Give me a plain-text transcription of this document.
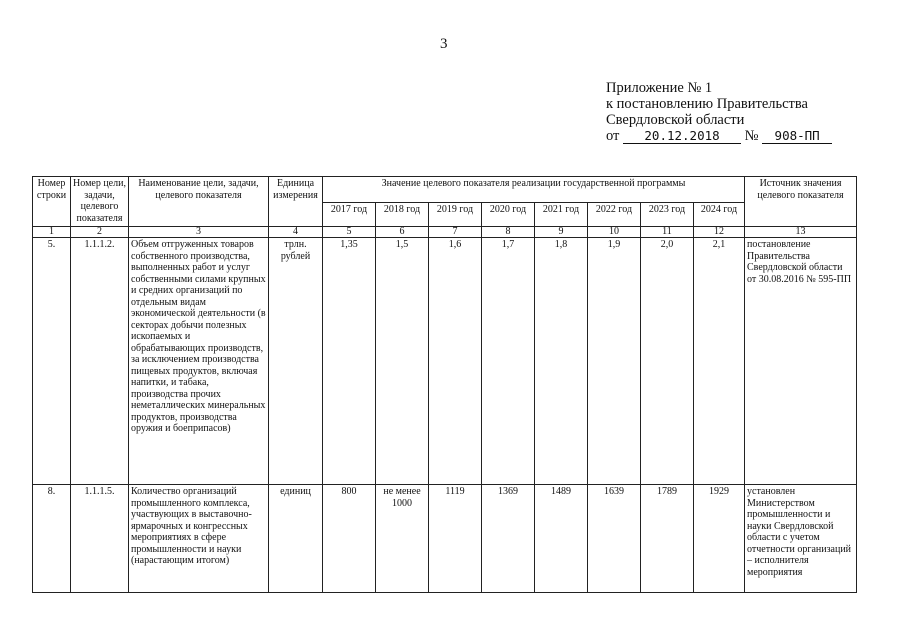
3
Приложение № 1
к постановлению Правительства
Свердловской области
от 20.12.2018 № 908-ПП
Номер строки	Номер цели, задачи, целевого показателя	Наименование цели, задачи, целевого показателя	Единица измерения	Значение целевого показателя реализации государственной программы								Источник значения целевого показателя
				2017 год	2018 год	2019 год	2020 год	2021 год	2022 год	2023 год	2024 год	
1	2	3	4	5	6	7	8	9	10	11	12	13
5.	1.1.1.2.	Объем отгруженных товаров собственного производства, выполненных работ и услуг собственными силами крупных и средних организаций по отдельным видам экономической деятельности (в секторах добычи полезных ископаемых и обрабатывающих производств, за исключением производства пищевых продуктов, включая напитки, и табака, производства прочих неметаллических минеральных продуктов, производства оружия и боеприпасов)	трлн. рублей	1,35	1,5	1,6	1,7	1,8	1,9	2,0	2,1	постановление Правительства Свердловской области от 30.08.2016 № 595-ПП
8.	1.1.1.5.	Количество организаций промышленного комплекса, участвующих в выставочно-ярмарочных и конгрессных мероприятиях в сфере промышленности и науки (нарастающим итогом)	единиц	800	не менее 1000	1119	1369	1489	1639	1789	1929	установлен Министерством промышленности и науки Свердловской области с учетом отчетности организаций – исполнителя мероприятия
